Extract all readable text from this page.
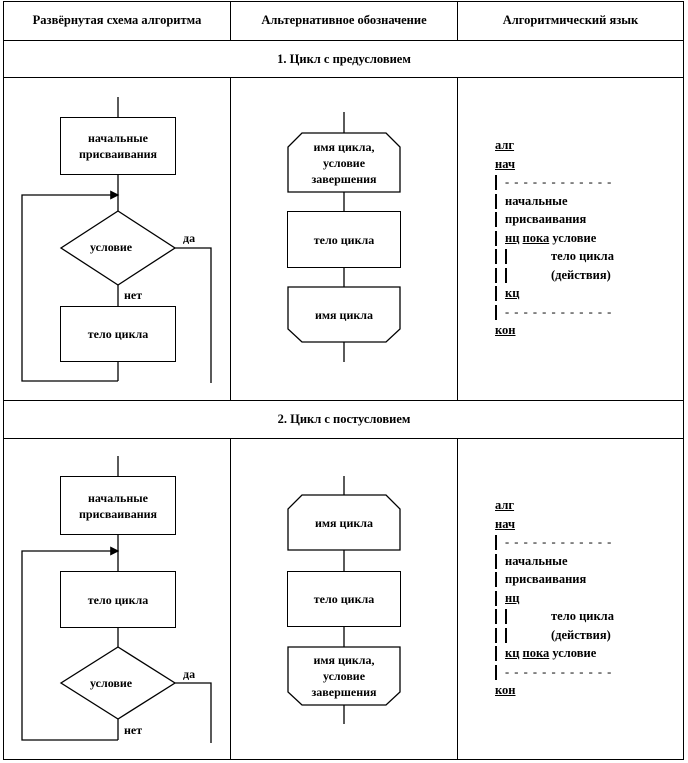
Развёрнутая схема алгоритма	Альтернативное обозначение	Алгоритмический язык
1. Цикл с предусловием
2. Цикл с постусловием
начальные присваивания
условие
да
нет
тело цикла
имя цикла, условие завершения
тело цикла
имя цикла
алг
нач
- - - - - - - - - - - -
начальные
присваивания
нц пока условие
тело цикла
(действия)
кц
- - - - - - - - - - - -
кон
начальные присваивания
тело цикла
условие
да
нет
имя цикла
тело цикла
имя цикла, условие завершения
алг
нач
- - - - - - - - - - - -
начальные
присваивания
нц
тело цикла
(действия)
кц пока условие
- - - - - - - - - - - -
кон
